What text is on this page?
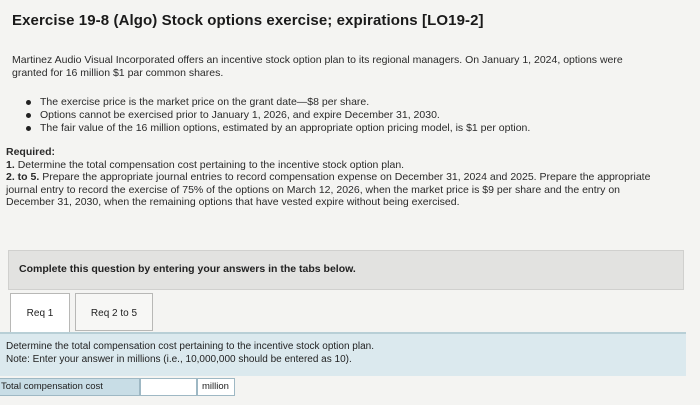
Exercise 19-8 (Algo) Stock options exercise; expirations [LO19-2]

Martinez Audio Visual Incorporated offers an incentive stock option plan to its regional managers. On January 1, 2024, options were granted for 16 million $1 par common shares.

The exercise price is the market price on the grant date—$8 per share.
Options cannot be exercised prior to January 1, 2026, and expire December 31, 2030.
The fair value of the 16 million options, estimated by an appropriate option pricing model, is $1 per option.
Required:
1. Determine the total compensation cost pertaining to the incentive stock option plan.
2. to 5. Prepare the appropriate journal entries to record compensation expense on December 31, 2024 and 2025. Prepare the appropriate journal entry to record the exercise of 75% of the options on March 12, 2026, when the market price is $9 per share and the entry on December 31, 2030, when the remaining options that have vested expire without being exercised.
Complete this question by entering your answers in the tabs below.
Req 1	Req 2 to 5

Determine the total compensation cost pertaining to the incentive stock option plan.

Note: Enter your answer in millions (i.e., 10,000,000 should be entered as 10).

Total compensation cost	million
